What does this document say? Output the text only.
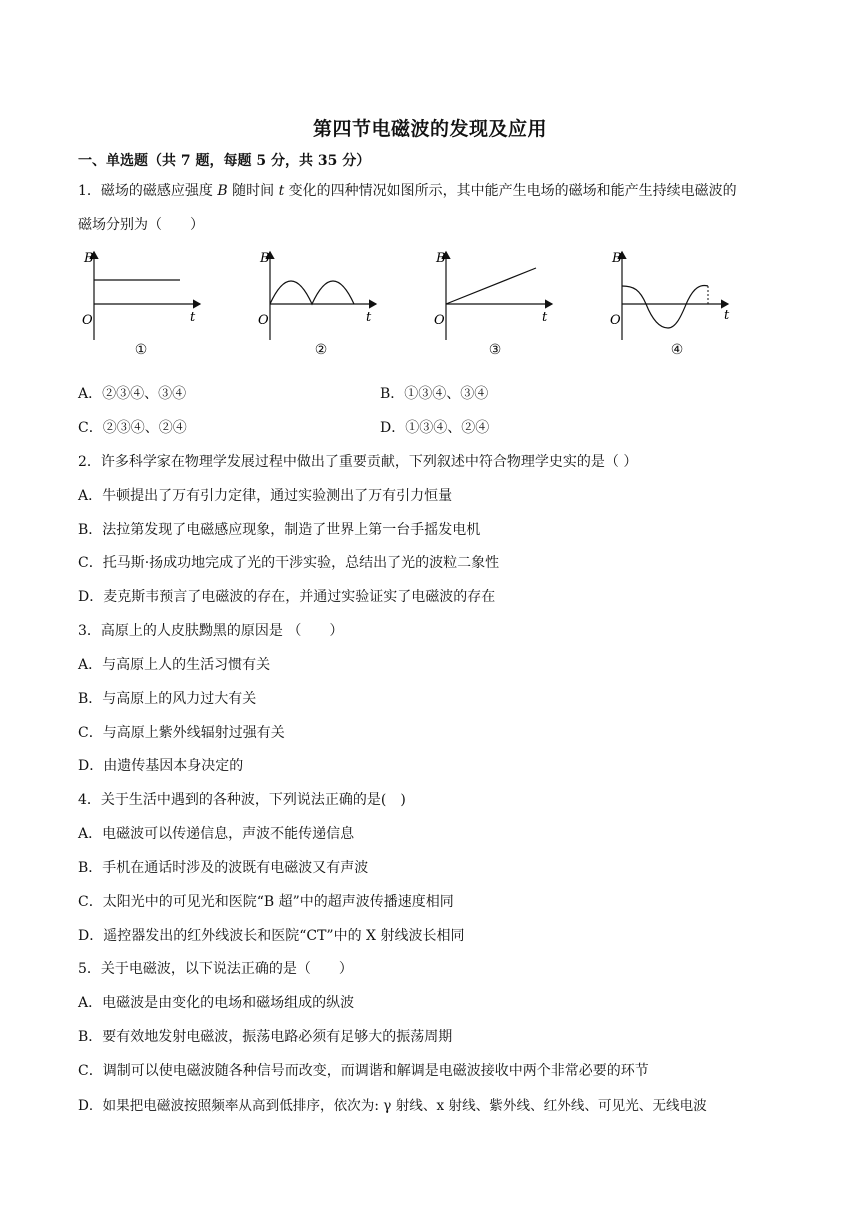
第四节电磁波的发现及应用
一、单选题（共 7 题，每题 5 分，共 35 分）
1．磁场的磁感应强度 B 随时间 t 变化的四种情况如图所示，其中能产生电场的磁场和能产生持续电磁波的
磁场分别为（　　）
B
t
O
①
B
t
O
②
B
t
O
③
B
t
O
④
A．②③④、③④	B．①③④、③④
C．②③④、②④	D．①③④、②④
2．许多科学家在物理学发展过程中做出了重要贡献，下列叙述中符合物理学史实的是（ ）
A．牛顿提出了万有引力定律，通过实验测出了万有引力恒量
B．法拉第发现了电磁感应现象，制造了世界上第一台手摇发电机
C．托马斯·扬成功地完成了光的干涉实验，总结出了光的波粒二象性
D．麦克斯韦预言了电磁波的存在，并通过实验证实了电磁波的存在
3．高原上的人皮肤黝黑的原因是 （　　）
A．与高原上人的生活习惯有关
B．与高原上的风力过大有关
C．与高原上紫外线辐射过强有关
D．由遗传基因本身决定的
4．关于生活中遇到的各种波，下列说法正确的是(　)
A．电磁波可以传递信息，声波不能传递信息
B．手机在通话时涉及的波既有电磁波又有声波
C．太阳光中的可见光和医院“B 超”中的超声波传播速度相同
D．遥控器发出的红外线波长和医院“CT”中的 X 射线波长相同
5．关于电磁波，以下说法正确的是（　　）
A．电磁波是由变化的电场和磁场组成的纵波
B．要有效地发射电磁波，振荡电路必须有足够大的振荡周期
C．调制可以使电磁波随各种信号而改变，而调谐和解调是电磁波接收中两个非常必要的环节
D．如果把电磁波按照频率从高到低排序，依次为: γ 射线、x 射线、紫外线、红外线、可见光、无线电波
